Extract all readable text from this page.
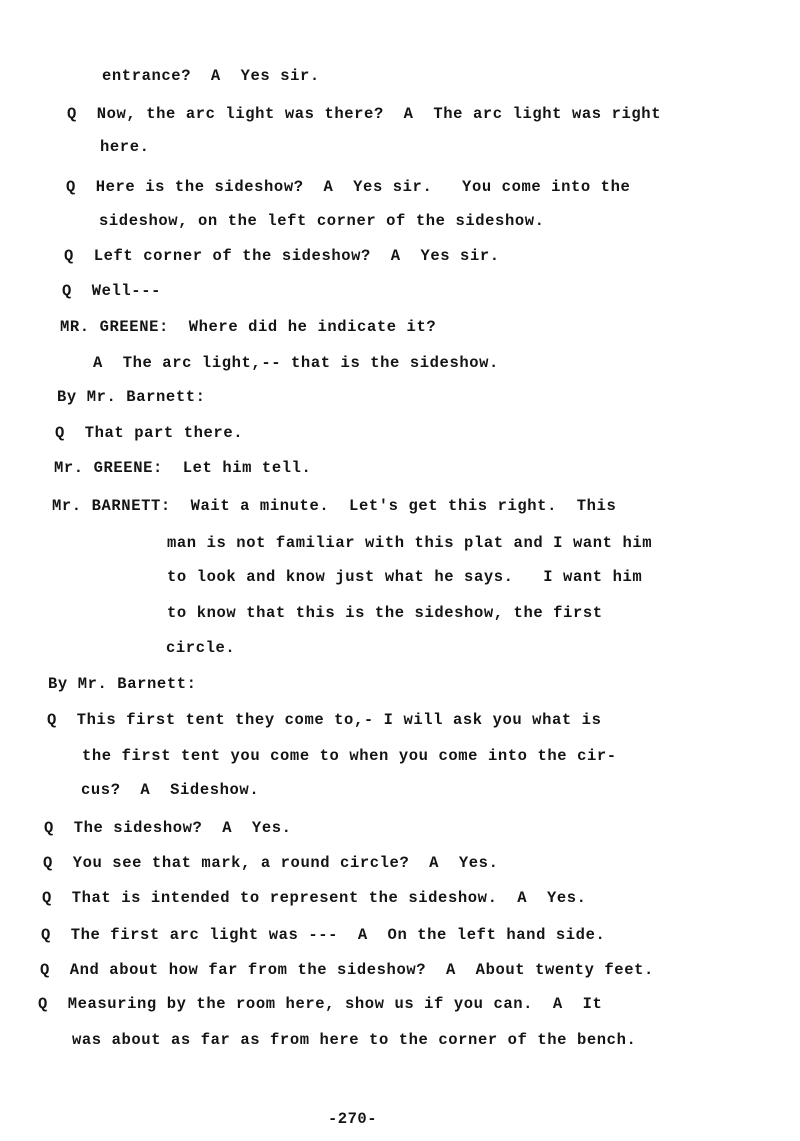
entrance?  A  Yes sir.
Q  Now, the arc light was there?  A  The arc light was right
here.
Q  Here is the sideshow?  A  Yes sir.   You come into the
sideshow, on the left corner of the sideshow.
Q  Left corner of the sideshow?  A  Yes sir.
Q  Well---
MR. GREENE:  Where did he indicate it?
A  The arc light,-- that is the sideshow.
By Mr. Barnett:
Q  That part there.
Mr. GREENE:  Let him tell.
Mr. BARNETT:  Wait a minute.  Let's get this right.  This
man is not familiar with this plat and I want him
to look and know just what he says.   I want him
to know that this is the sideshow, the first
circle.
By Mr. Barnett:
Q  This first tent they come to,- I will ask you what is
the first tent you come to when you come into the cir-
cus?  A  Sideshow.
Q  The sideshow?  A  Yes.
Q  You see that mark, a round circle?  A  Yes.
Q  That is intended to represent the sideshow.  A  Yes.
Q  The first arc light was ---  A  On the left hand side.
Q  And about how far from the sideshow?  A  About twenty feet.
Q  Measuring by the room here, show us if you can.  A  It
was about as far as from here to the corner of the bench.
-270-
